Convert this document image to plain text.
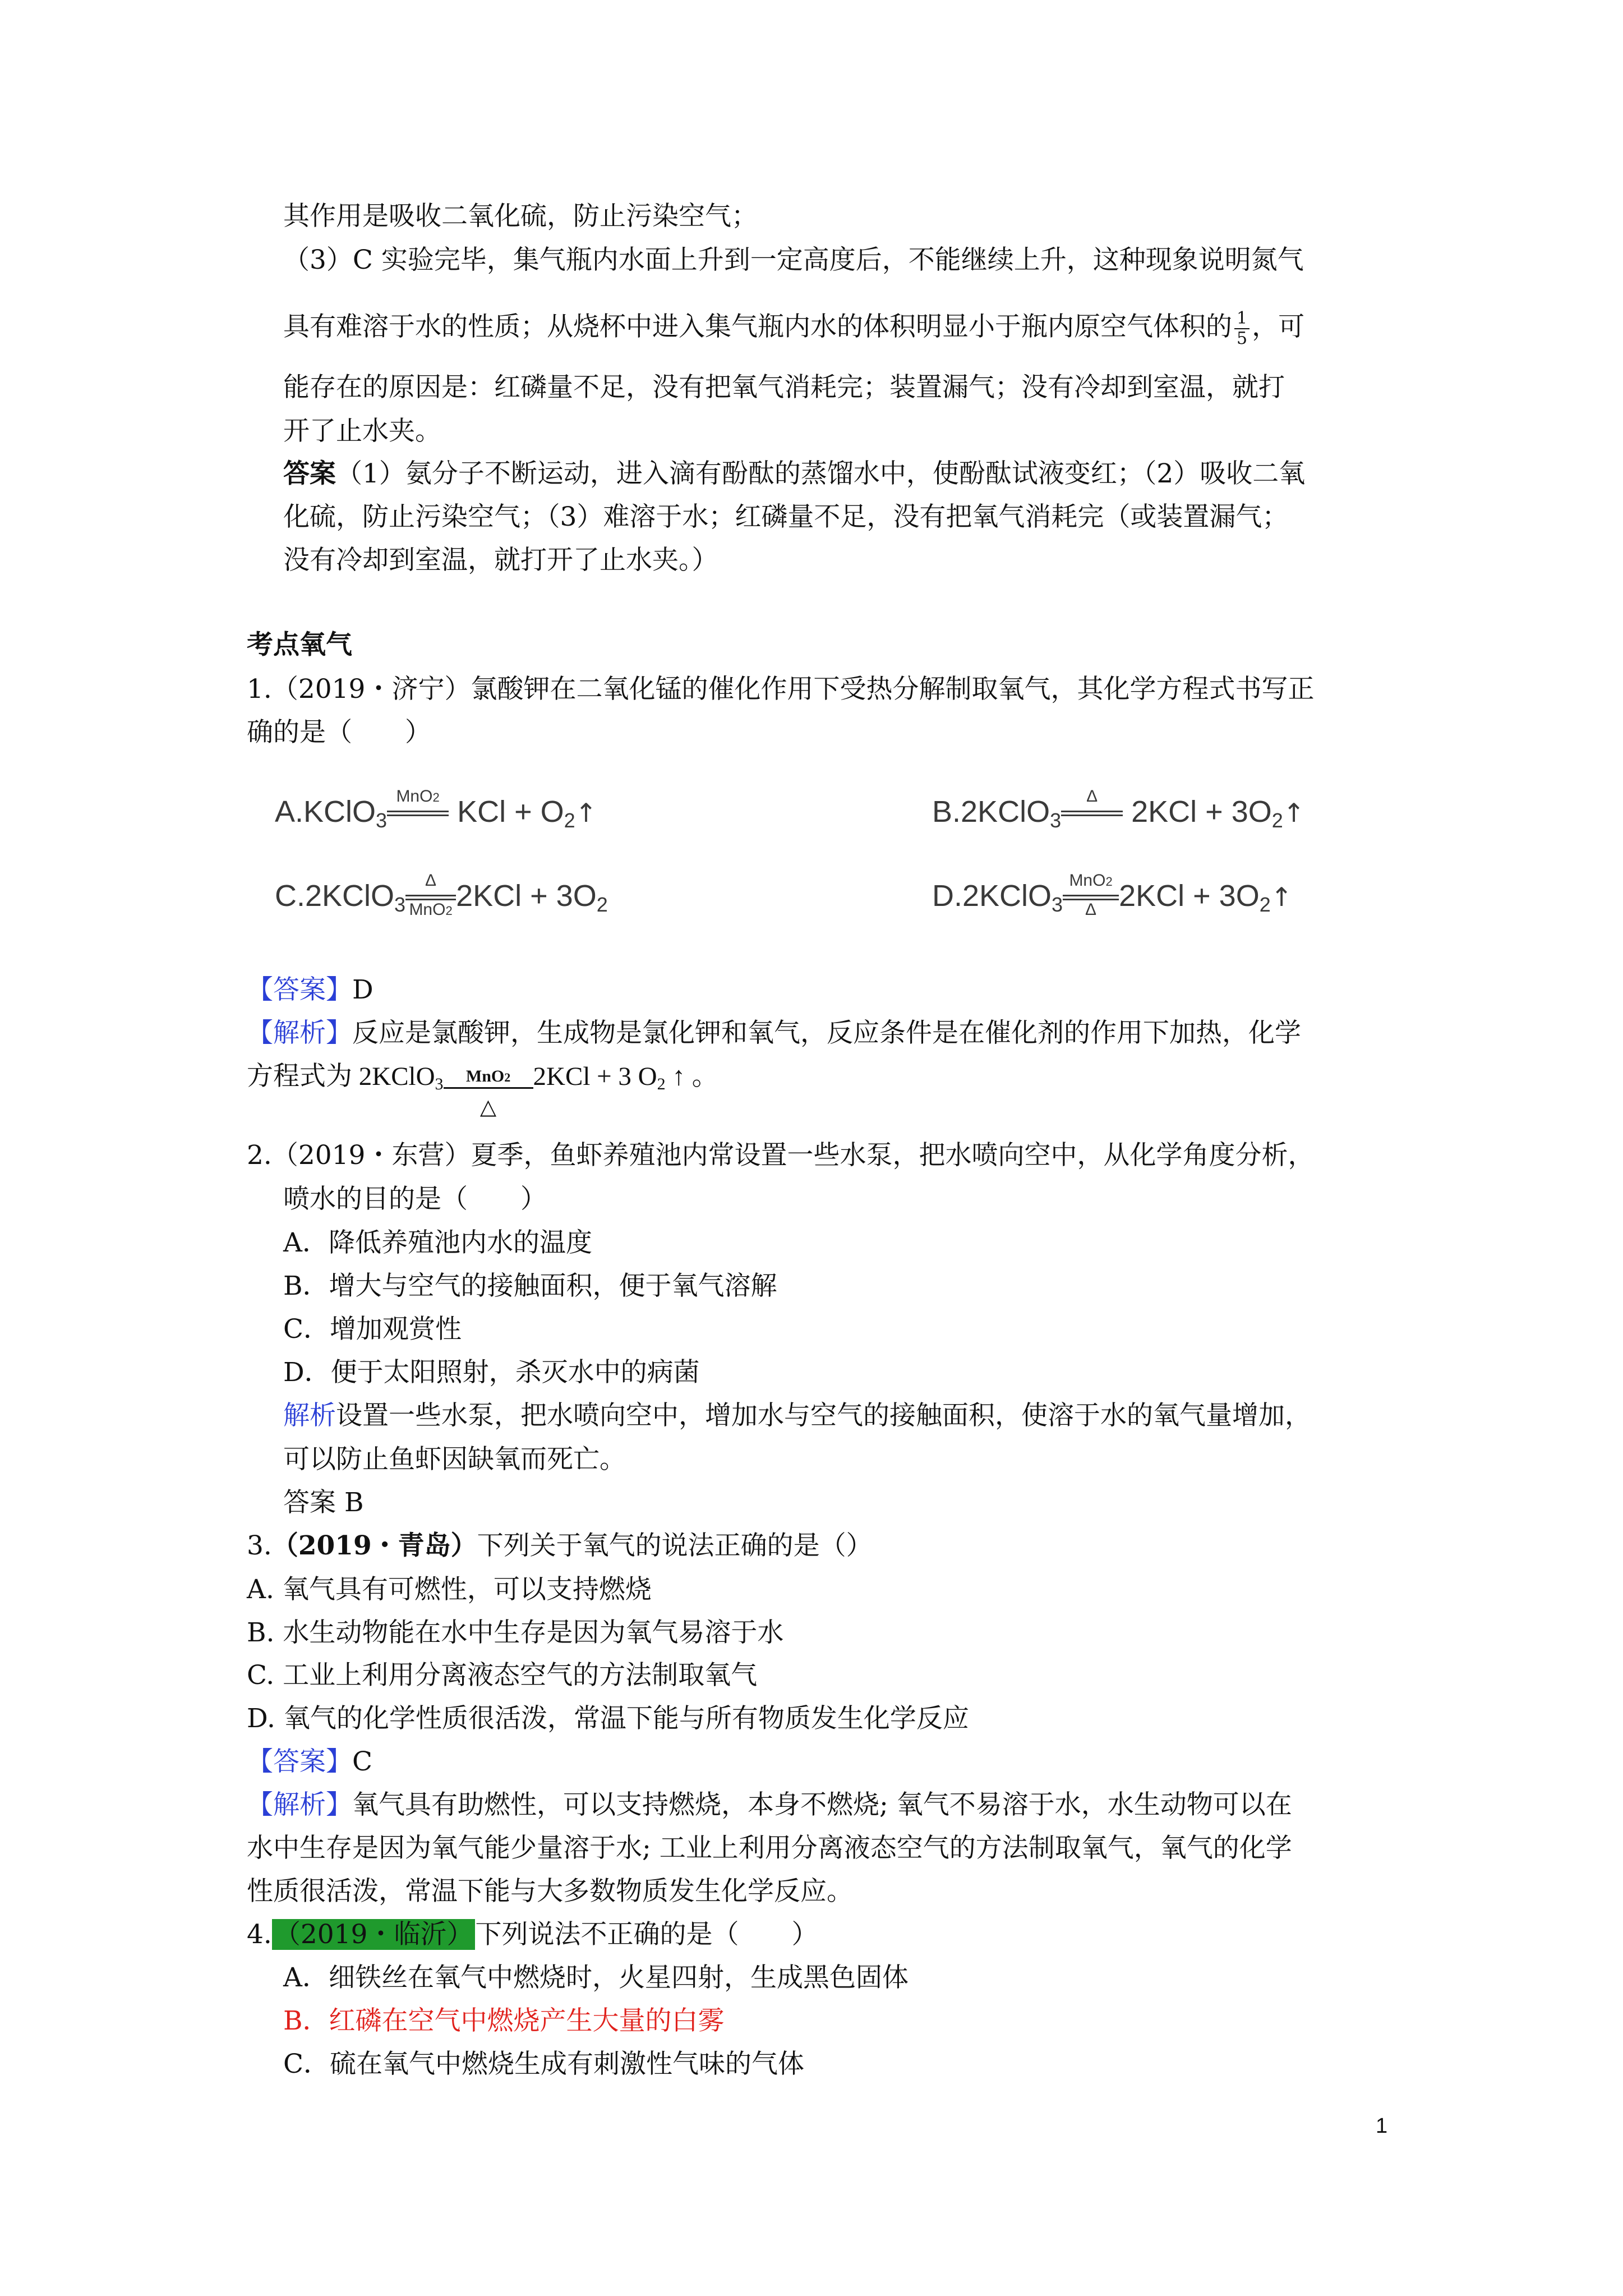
其作用是吸收二氧化硫，防止污染空气；
（3）C 实验完毕，集气瓶内水面上升到一定高度后，不能继续上升，这种现象说明氮气
具有难溶于水的性质；从烧杯中进入集气瓶内水的体积明显小于瓶内原空气体积的 $\frac{1}{5}$ ，可
能存在的原因是：红磷量不足，没有把氧气消耗完；装置漏气；没有冷却到室温，就打
开了止水夹。
答案（1）氨分子不断运动，进入滴有酚酞的蒸馏水中，使酚酞试液变红；（2）吸收二氧
化硫，防止污染空气；（3）难溶于水；红磷量不足，没有把氧气消耗完（或装置漏气；
没有冷却到室温，就打开了止水夹。）
考点氧气
1.（2019・济宁）氯酸钾在二氧化锰的催化作用下受热分解制取氧气，其化学方程式书写正
确的是（　　）
A.KClO$_3$
MnO2 KCl + $O_2↑$	B.2KClO$_3$
Δ $2KCl + 3O_2↑$
C.2KClO$_3$
Δ
MnO2 $2KCl + 3O_2$	D.2KClO$_3$
MnO2
Δ $2KCl + 3O_2↑$
【答案】D
【解析】反应是氯酸钾，生成物是氯化钾和氧气，反应条件是在催化剂的作用下加热，化学
方程式为 2KClO3	MnO2
△
2KCl + 3 O2 ↑ 。
2.（2019・东营）夏季，鱼虾养殖池内常设置一些水泵，把水喷向空中，从化学角度分析，
喷水的目的是（　　）
A．降低养殖池内水的温度
B．增大与空气的接触面积，便于氧气溶解
C．增加观赏性
D．便于太阳照射，杀灭水中的病菌
解析设置一些水泵，把水喷向空中，增加水与空气的接触面积，使溶于水的氧气量增加，
可以防止鱼虾因缺氧而死亡。
答案 B
3.（2019・青岛）下列关于氧气的说法正确的是（）
A. 氧气具有可燃性，可以支持燃烧
B. 水生动物能在水中生存是因为氧气易溶于水
C. 工业上利用分离液态空气的方法制取氧气
D. 氧气的化学性质很活泼，常温下能与所有物质发生化学反应
【答案】C
【解析】氧气具有助燃性，可以支持燃烧，本身不燃烧; 氧气不易溶于水，水生动物可以在
水中生存是因为氧气能少量溶于水; 工业上利用分离液态空气的方法制取氧气，氧气的化学
性质很活泼，常温下能与大多数物质发生化学反应。
4.（2019・临沂）下列说法不正确的是（　　）
A．细铁丝在氧气中燃烧时，火星四射，生成黑色固体
B．红磷在空气中燃烧产生大量的白雾
C．硫在氧气中燃烧生成有刺激性气味的气体
1
